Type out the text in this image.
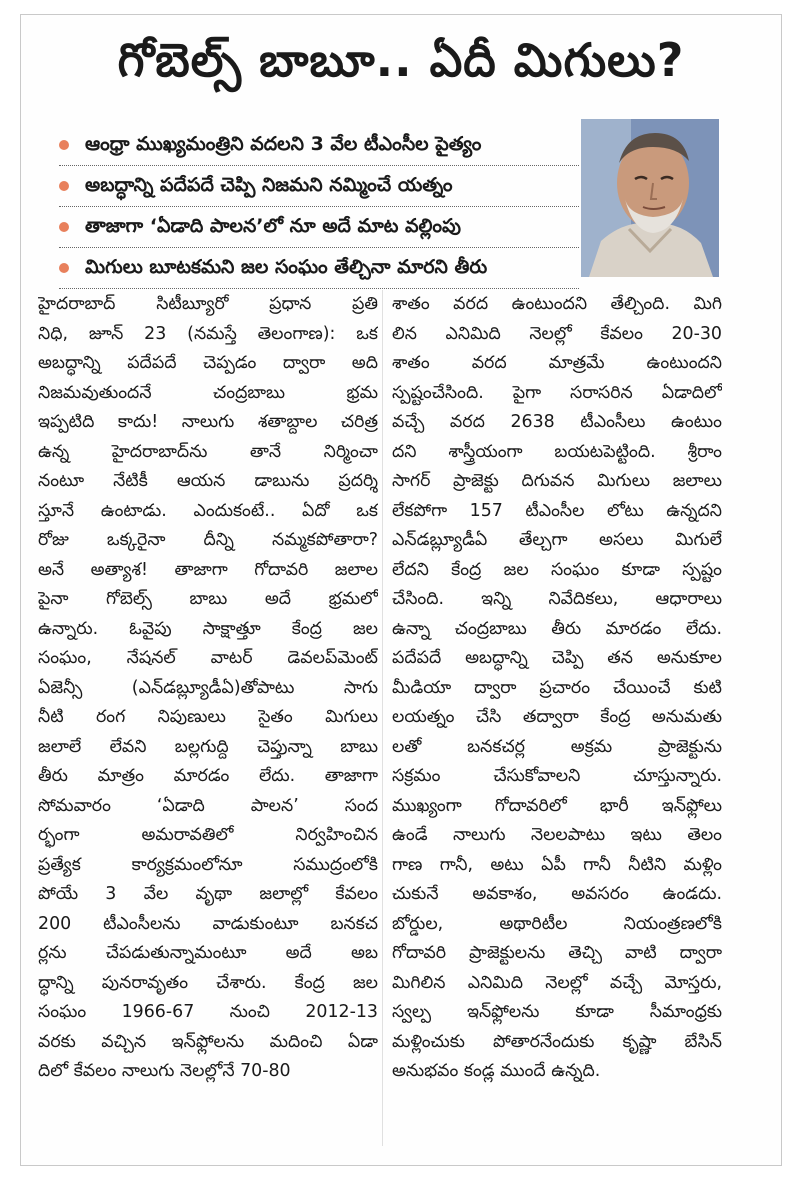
గోబెల్స్‌ బాబూ.. ఏదీ మిగులు?
ఆంధ్రా ముఖ్యమంత్రిని వదలని 3 వేల టీఎంసీల పైత్యం
అబద్ధాన్ని పదేపదే చెప్పి నిజమని నమ్మించే యత్నం
తాజాగా ‘ఏడాది పాలన’లో నూ అదే మాట వల్లింపు
మిగులు బూటకమని జల సంఘం తేల్చినా మారని తీరు
హైదరాబాద్‌ సిటీబ్యూరో ప్రధాన ప్రతి
నిధి, జూన్‌ 23 (నమస్తే తెలంగాణ): ఒక
అబద్ధాన్ని పదేపదే చెప్పడం ద్వారా అది
నిజమవుతుందనే చంద్రబాబు భ్రమ
ఇప్పటిది కాదు! నాలుగు శతాబ్దాల చరిత్ర
ఉన్న హైదరాబాద్‌ను తానే నిర్మించా
నంటూ నేటికీ ఆయన డాబును ప్రదర్శి
స్తూనే ఉంటాడు. ఎందుకంటే.. ఏదో ఒక
రోజు ఒక్కరైనా దీన్ని నమ్మకపోతారా?
అనే అత్యాశ! తాజాగా గోదావరి జలాల
పైనా గోబెల్స్‌ బాబు అదే భ్రమలో
ఉన్నారు. ఓవైపు సాక్షాత్తూ కేంద్ర జల
సంఘం, నేషనల్‌ వాటర్‌ డెవలప్‌మెంట్‌
ఏజెన్సీ (ఎన్‌డబ్ల్యూడీఏ)తోపాటు సాగు
నీటి రంగ నిపుణులు సైతం మిగులు
జలాలే లేవని బల్లగుద్ది చెప్తున్నా బాబు
తీరు మాత్రం మారడం లేదు. తాజాగా
సోమవారం ‘ఏడాది పాలన’ సంద
ర్భంగా అమరావతిలో నిర్వహించిన
ప్రత్యేక కార్యక్రమంలోనూ సముద్రంలోకి
పోయే 3 వేల వృథా జలాల్లో కేవలం
200 టీఎంసీలను వాడుకుంటూ బనకచ
ర్లను చేపడుతున్నామంటూ అదే అబ
ద్ధాన్ని పునరావృతం చేశారు. కేంద్ర జల
సంఘం 1966-67 నుంచి 2012-13
వరకు వచ్చిన ఇన్‌ఫ్లోలను మదించి ఏడా
దిలో కేవలం నాలుగు నెలల్లోనే 70-80
శాతం వరద ఉంటుందని తేల్చింది. మిగి
లిన ఎనిమిది నెలల్లో కేవలం 20-30
శాతం వరద మాత్రమే ఉంటుందని
స్పష్టంచేసింది. పైగా సరాసరిన ఏడాదిలో
వచ్చే వరద 2638 టీఎంసీలు ఉంటుం
దని శాస్త్రీయంగా బయటపెట్టింది. శ్రీరాం
సాగర్‌ ప్రాజెక్టు దిగువన మిగులు జలాలు
లేకపోగా 157 టీఎంసీల లోటు ఉన్నదని
ఎన్‌డబ్ల్యూడీఏ తేల్చగా అసలు మిగులే
లేదని కేంద్ర జల సంఘం కూడా స్పష్టం
చేసింది. ఇన్ని నివేదికలు, ఆధారాలు
ఉన్నా చంద్రబాబు తీరు మారడం లేదు.
పదేపదే అబద్ధాన్ని చెప్పి తన అనుకూల
మీడియా ద్వారా ప్రచారం చేయించే కుటి
లయత్నం చేసి తద్వారా కేంద్ర అనుమతు
లతో బనకచర్ల అక్రమ ప్రాజెక్టును
సక్రమం చేసుకోవాలని చూస్తున్నారు.
ముఖ్యంగా గోదావరిలో భారీ ఇన్‌ఫ్లోలు
ఉండే నాలుగు నెలలపాటు ఇటు తెలం
గాణ గానీ, అటు ఏపీ గానీ నీటిని మళ్లిం
చుకునే అవకాశం, అవసరం ఉండదు.
బోర్డుల, అథారిటీల నియంత్రణలోకి
గోదావరి ప్రాజెక్టులను తెచ్చి వాటి ద్వారా
మిగిలిన ఎనిమిది నెలల్లో వచ్చే మోస్తరు,
స్వల్ప ఇన్‌ఫ్లోలను కూడా సీమాంధ్రకు
మళ్లించుకు పోతారనేందుకు కృష్ణా బేసిన్‌
అనుభవం కండ్ల ముందే ఉన్నది.
